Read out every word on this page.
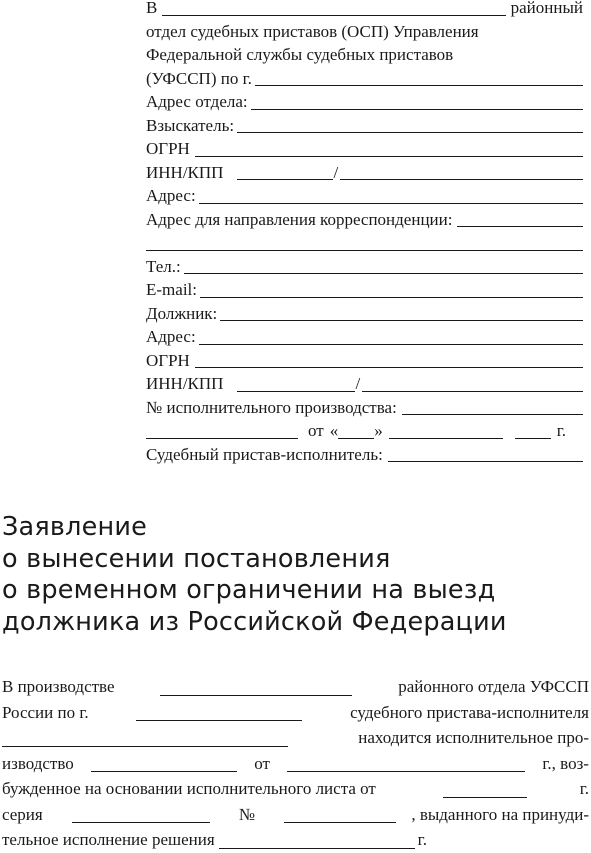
В	районный
отдел судебных приставов (ОСП) Управления
Федеральной службы судебных приставов
(УФССП) по г.
Адрес отдела:
Взыскатель:
ОГРН
ИНН/КПП	/
Адрес:
Адрес для направления корреспонденции:
Тел.:
E-mail:
Должник:
Адрес:
ОГРН
ИНН/КПП	/
№ исполнительного производства:
от « »	г.
Судебный пристав-исполнитель:
Заявление
о вынесении постановления
о временном ограничении на выезд
должника из Российской Федерации
В производстве	районного отдела УФССП
России по г.	судебного пристава-исполнителя
находится исполнительное про-
изводство	от	г., воз-
бужденное на основании исполнительного листа от	г.
серия	№	, выданного на принуди-
тельное исполнение решения	г.
